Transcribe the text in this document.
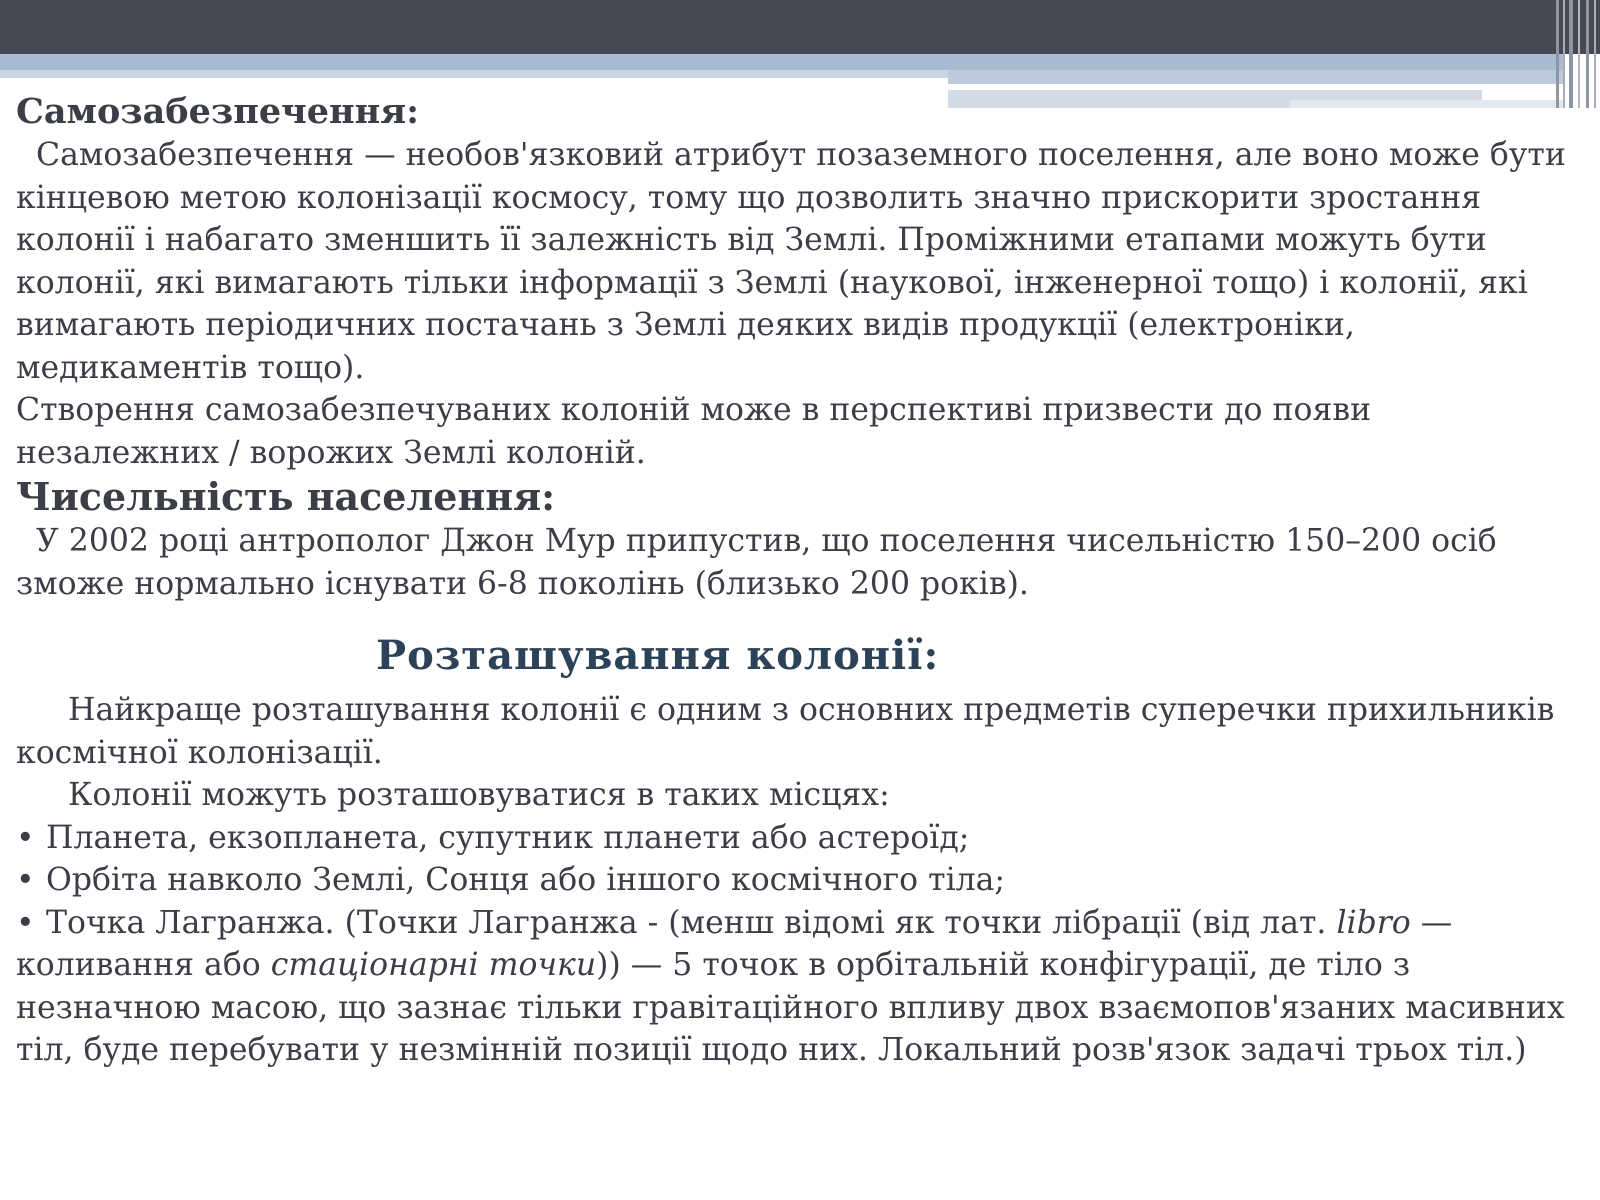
Самозабезпечення:

Самозабезпечення — необов'язковий атрибут позаземного поселення, але воно може бути кінцевою метою колонізації космосу, тому що дозволить значно прискорити зростання колонії і набагато зменшить її залежність від Землі. Проміжними етапами можуть бути колонії, які вимагають тільки інформації з Землі (наукової, інженерної тощо) і колонії, які вимагають періодичних постачань з Землі деяких видів продукції (електроніки, медикаментів тощо).

Створення самозабезпечуваних колоній може в перспективі призвести до появи незалежних / ворожих Землі колоній.

Чисельність населення:

У 2002 році антрополог Джон Мур припустив, що поселення чисельністю 150–200 осіб зможе нормально існувати 6-8 поколінь (близько 200 років).

Розташування колонії:

Найкраще розташування колонії є одним з основних предметів суперечки прихильників космічної колонізації.

Колонії можуть розташовуватися в таких місцях:

• Планета, екзопланета, супутник планети або астероїд;

• Орбіта навколо Землі, Сонця або іншого космічного тіла;

• Точка Лагранжа. (Точки Лагранжа - (менш відомі як точки лібрації (від лат. libro — коливання або стаціонарні точки)) — 5 точок в орбітальній конфігурації, де тіло з незначною масою, що зазнає тільки гравітаційного впливу двох взаємопов'язаних масивних тіл, буде перебувати у незмінній позиції щодо них. Локальний розв'язок задачі трьох тіл.)
